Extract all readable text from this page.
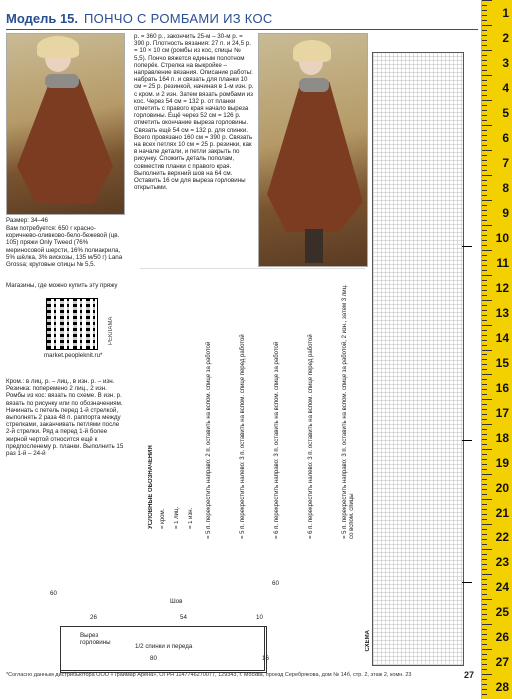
Модель 15. ПОНЧО С РОМБАМИ ИЗ КОС	1
2
3
4
5
6
7
8
9
10
11
12
13
14
15
16
17
18
19
20
21
22
23
24
25
26
27
28
Размер: 34–46
Вам потребуется: 650 г красно-коричнево-оливково-бело-бежевой (цв. 105) пряжи Only Tweed (76% мериносовой шерсти, 16% полиакрила, 5% шёлка, 3% вискозы, 135 м/50 г) Lana Grossa; круговые спицы № 5,5.
Магазины, где можно купить эту пряжу
РЕКЛАМА
market.peopleknit.ru*
Кром.: в лиц. р. – лиц., в изн. р. – изн. Резинка: поперемено 2 лиц., 2 изн. Ромбы из кос: вязать по схеме. В изн. р. вязать по рисунку или по обозначениям. Начинать с петель перед 1-й стрелкой, выполнять 2 раза 48 п. раппорта между стрелками, заканчивать петлями после 2-й стрелки. Ряд а перед 1-й более жирной чертой относится ещё к предпосленему р. планки. Выполнить 15 раз 1-й – 24-й
р. = 360 р., закончить 25-м – 30-м р. = 390 р. Плотность вязания: 27 п. и 24,5 р. = 10 × 10 см (ромбы из кос, спицы № 5,5). Пончо вяжется единым полотном поперёк. Стрелка на выкройке – направление вязания. Описание работы: набрать 164 п. и связать для планки 10 см = 25 р. резинкой, начиная в 1-м изн. р. с кром. и 2 изн. Затем вязать ромбами из кос. Через 54 см = 132 р. от планки отметить с правого края начало выреза горловины. Ещё через 52 см = 126 р. отметить окончание выреза горловины. Связать ещё 54 см = 132 р. для спинки. Всего провязано 160 см = 390 р. Связать на всех петлях 10 см = 25 р. резинки, как в начале детали, и петли закрыть по рисунку. Сложить деталь пополам, совместив планки с правого края. Выполнить верхний шов на 64 см. Оставить 16 см для выреза горловины открытыми.
УСЛОВНЫЕ ОБОЗНАЧЕНИЯ = кром. = 1 лиц. = 1 изн. = 5 п. перекрестить направо: 2 п. оставить на вспом. спице за работой	= 5 п. перекрестить налево: 3 п. оставить на вспом. спице перед работой	= 6 п. перекрестить направо: 3 п. оставить на вспом. спице за работой	= 6 п. перекрестить налево: 3 п. оставить на вспом. спице перед работой	= 5 п. перекрестить направо: 3 п. оставить на вспом. спице за работой, 2 изн., затем 3 лиц. со вспом. спицы
СХЕМА
26	54	10
Вырез горловины
1/2 спинки и переда
Шов
60
60
80	16
*Согласно данным дистрибьютора ООО «Траймар Арена», ОГРН 1147746270077, 129343, г. Москва, проезд Серебрякова, дом № 14б, стр. 2, этаж 2, комн. 23	27
